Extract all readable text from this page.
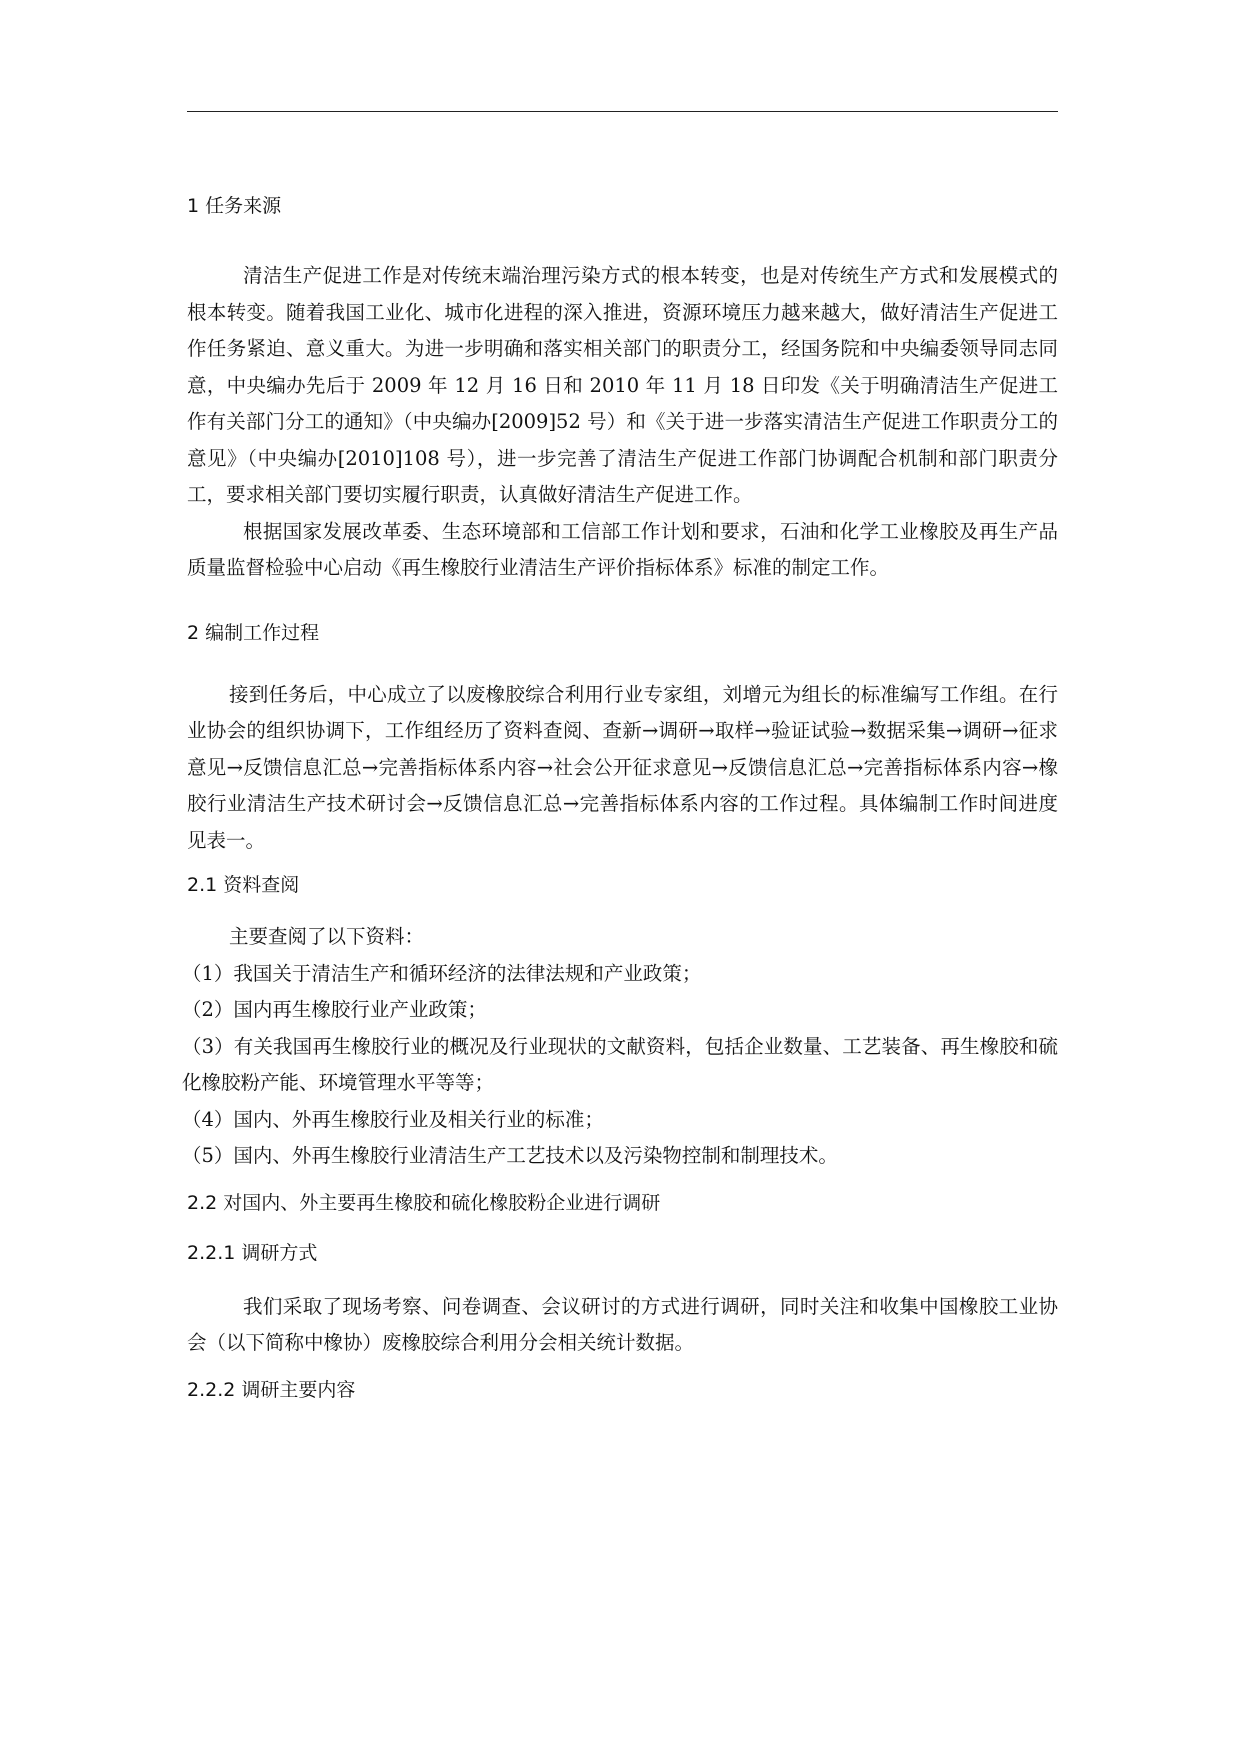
1 任务来源

清洁生产促进工作是对传统末端治理污染方式的根本转变，也是对传统生产方式和发展模式的根本转变。随着我国工业化、城市化进程的深入推进，资源环境压力越来越大，做好清洁生产促进工作任务紧迫、意义重大。为进一步明确和落实相关部门的职责分工，经国务院和中央编委领导同志同意，中央编办先后于 2009 年 12 月 16 日和 2010 年 11 月 18 日印发《关于明确清洁生产促进工作有关部门分工的通知》（中央编办[2009]52 号）和《关于进一步落实清洁生产促进工作职责分工的意见》（中央编办[2010]108 号），进一步完善了清洁生产促进工作部门协调配合机制和部门职责分工，要求相关部门要切实履行职责，认真做好清洁生产促进工作。

根据国家发展改革委、生态环境部和工信部工作计划和要求，石油和化学工业橡胶及再生产品质量监督检验中心启动《再生橡胶行业清洁生产评价指标体系》标准的制定工作。

2 编制工作过程

接到任务后，中心成立了以废橡胶综合利用行业专家组，刘增元为组长的标准编写工作组。在行业协会的组织协调下，工作组经历了资料查阅、查新→调研→取样→验证试验→数据采集→调研→征求意见→反馈信息汇总→完善指标体系内容→社会公开征求意见→反馈信息汇总→完善指标体系内容→橡胶行业清洁生产技术研讨会→反馈信息汇总→完善指标体系内容的工作过程。具体编制工作时间进度见表一。

2.1 资料查阅

主要查阅了以下资料：

（1）我国关于清洁生产和循环经济的法律法规和产业政策；

（2）国内再生橡胶行业产业政策；

（3）有关我国再生橡胶行业的概况及行业现状的文献资料，包括企业数量、工艺装备、再生橡胶和硫化橡胶粉产能、环境管理水平等等；

（4）国内、外再生橡胶行业及相关行业的标准；

（5）国内、外再生橡胶行业清洁生产工艺技术以及污染物控制和制理技术。

2.2 对国内、外主要再生橡胶和硫化橡胶粉企业进行调研
2.2.1 调研方式

我们采取了现场考察、问卷调查、会议研讨的方式进行调研，同时关注和收集中国橡胶工业协会（以下简称中橡协）废橡胶综合利用分会相关统计数据。

2.2.2 调研主要内容
